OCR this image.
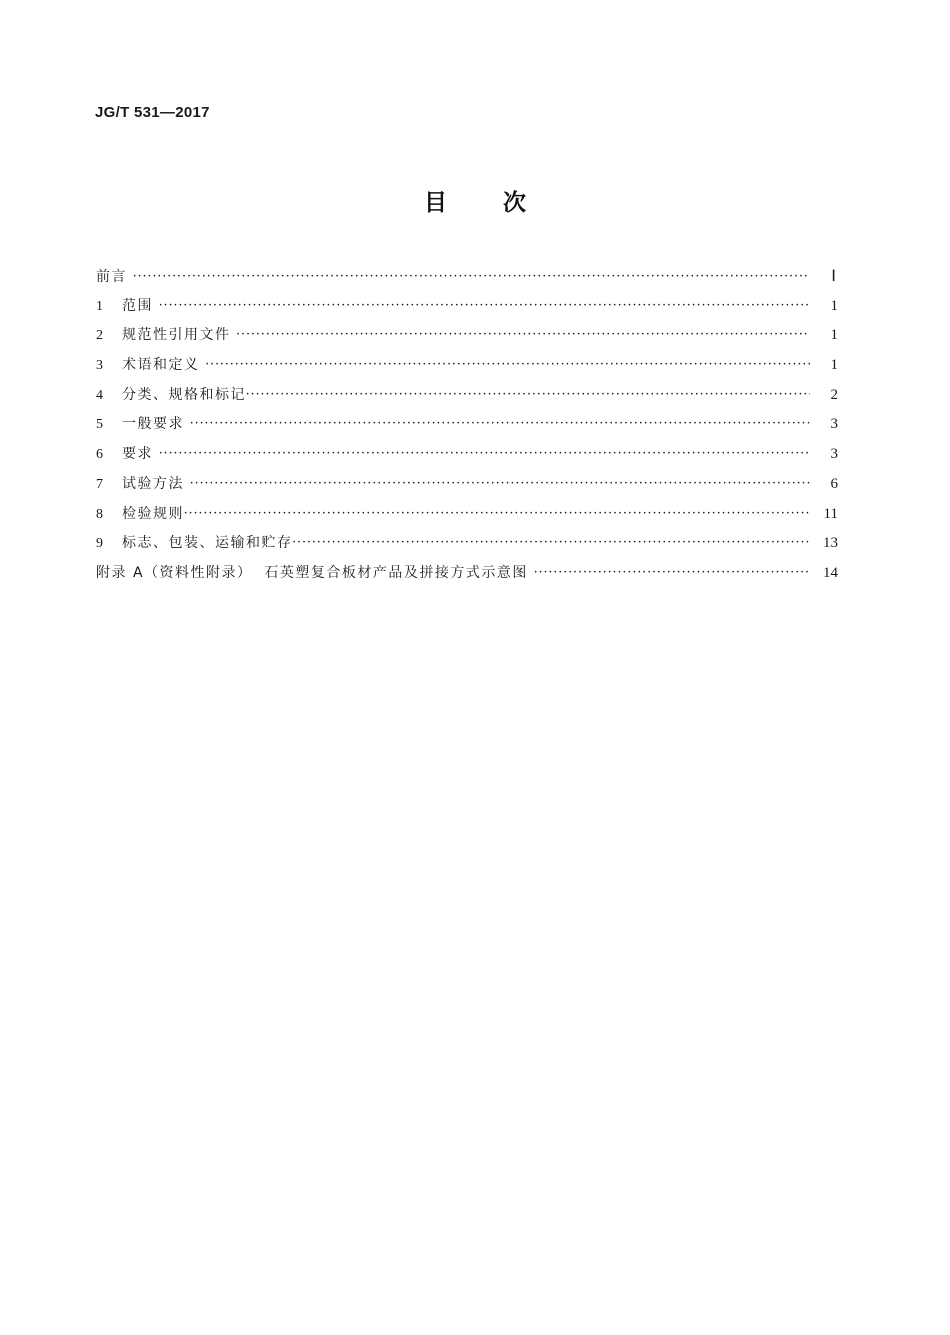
JG/T 531—2017
目 次
前言 ·····	Ⅰ
1	范围 ·····	1
2	规范性引用文件 ·····	1
3	术语和定义 ·····	1
4	分类、规格和标记 ·····	2
5	一般要求 ·····	3
6	要求 ·····	3
7	试验方法 ·····	6
8	检验规则 ·····	11
9	标志、包装、运输和贮存 ·····	13
附录 A（资料性附录）  石英塑复合板材产品及拼接方式示意图 ·····	14
